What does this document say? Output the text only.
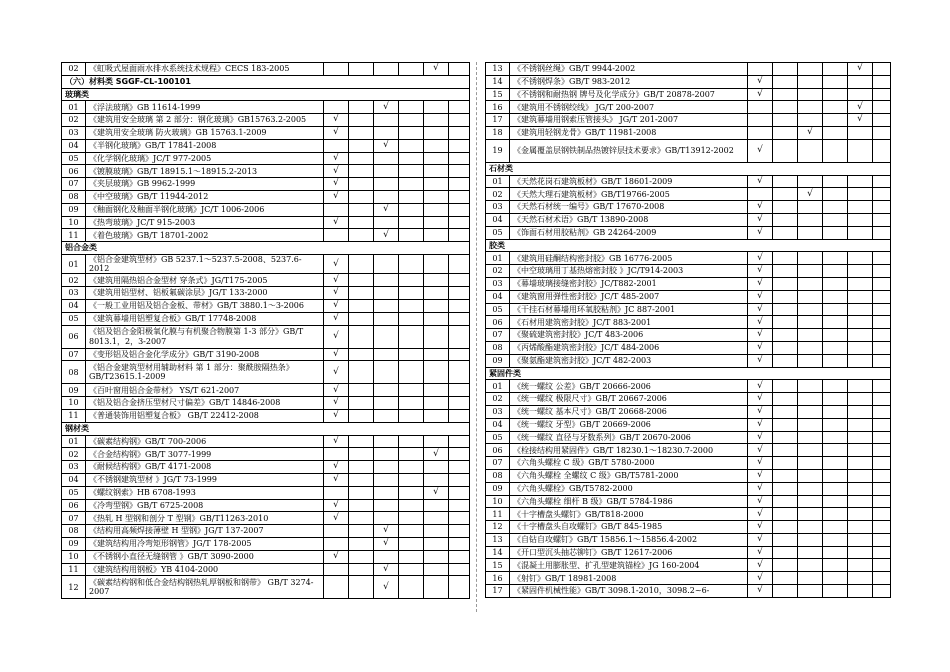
02	《虹吸式屋面雨水排水系统技术规程》CECS 183-2005					√	
（六）材料类 SGGF-CL-100101							
玻璃类							
01	《浮法玻璃》GB 11614-1999			√			
02	《建筑用安全玻璃 第 2 部分：钢化玻璃》GB15763.2-2005	√					
03	《建筑用安全玻璃 防火玻璃》GB 15763.1-2009	√					
04	《半钢化玻璃》GB/T 17841-2008			√			
05	《化学钢化玻璃》JC/T 977-2005	√					
06	《镀膜玻璃》GB/T 18915.1～18915.2-2013	√					
07	《夹层玻璃》GB 9962-1999	√					
08	《中空玻璃》GB/T 11944-2012	√					
09	《釉面钢化及釉面半钢化玻璃》JC/T 1006-2006			√			
10	《热弯玻璃》JC/T 915-2003	√					
11	《着色玻璃》GB/T 18701-2002			√			
铝合金类							
01	《铝合金建筑型材》GB 5237.1～5237.5-2008、5237.6-2012	√					
02	《建筑用隔热铝合金型材 穿条式》JG/T175-2005	√					
03	《建筑用铝型材、铝板氟碳涂层》JG/T 133-2000	√					
04	《一般工业用铝及铝合金板、带材》GB/T 3880.1～3-2006	√					
05	《建筑幕墙用铝塑复合板》GB/T 17748-2008	√					
06	《铝及铝合金阳极氧化膜与有机聚合物膜第 1-3 部分》GB/T 8013.1，2，3-2007	√					
07	《变形铝及铝合金化学成分》GB/T 3190-2008	√					
08	《铝合金建筑型材用辅助材料 第 1 部分：聚酰胺隔热条》GB/T23615.1-2009	√					
09	《百叶窗用铝合金带材》 YS/T 621-2007	√					
10	《铝及铝合金挤压型材尺寸偏差》GB/T 14846-2008	√					
11	《普通装饰用铝塑复合板》 GB/T 22412-2008	√					
钢材类							
01	《碳素结构钢》GB/T 700-2006	√					
02	《合金结构钢》GB/T 3077-1999					√	
03	《耐候结构钢》GB/T 4171-2008	√					
04	《不锈钢建筑型材 》JG/T 73-1999	√					
05	《螺纹钢索》HB 6708-1993					√	
06	《冷弯型钢》GB/T 6725-2008	√					
07	《热轧 H 型钢和剖分 T 型钢》GB/T11263-2010	√					
08	《结构用高频焊接薄壁 H 型钢》JG/T 137-2007			√			
09	《建筑结构用冷弯矩形钢管》JG/T 178-2005			√			
10	《不锈钢小直径无缝钢管 》GB/T 3090-2000	√					
11	《建筑结构用钢板》YB 4104-2000			√			
12	《碳素结构钢和低合金结构钢热轧厚钢板和钢带》 GB/T 3274-2007			√			
13	《不锈钢丝绳》GB/T 9944-2002					√	
14	《不锈钢焊条》GB/T 983-2012	√					
15	《不锈钢和耐热钢 牌号及化学成分》GB/T 20878-2007	√					
16	《建筑用不锈钢绞线》 JG/T 200-2007					√	
17	《建筑幕墙用钢索压管接头》 JG/T 201-2007					√	
18	《建筑用轻钢龙骨》GB/T 11981-2008			√			
19	《金属覆盖层钢铁制品热镀锌层技术要求》GB/T13912-2002	√					
石材类							
01	《天然花岗石建筑板材》GB/T 18601-2009	√					
02	《天然大理石建筑板材》GB/T19766-2005			√			
03	《天然石材统一编号》GB/T 17670-2008	√					
04	《天然石材术语》GB/T 13890-2008	√					
05	《饰面石材用胶粘剂》GB 24264-2009	√					
胶类							
01	《建筑用硅酮结构密封胶》GB 16776-2005	√					
02	《中空玻璃用丁基热熔密封胶 》JC/T914-2003	√					
03	《幕墙玻璃接缝密封胶》JC/T882-2001	√					
04	《建筑窗用弹性密封胶》JC/T 485-2007	√					
05	《干挂石材幕墙用环氧胶粘剂》JC 887-2001	√					
06	《石材用建筑密封胶》JC/T 883-2001	√					
07	《聚硫建筑密封胶》JC/T 483-2006	√					
08	《丙烯酸酯建筑密封胶》JC/T 484-2006	√					
09	《聚氨酯建筑密封胶》JC/T 482-2003	√					
紧固件类							
01	《统一螺纹 公差》GB/T 20666-2006	√					
02	《统一螺纹 极限尺寸》GB/T 20667-2006	√					
03	《统一螺纹 基本尺寸》GB/T 20668-2006	√					
04	《统一螺纹 牙型》GB/T 20669-2006	√					
05	《统一螺纹 直径与牙数系列》GB/T 20670-2006	√					
06	《栓接结构用紧固件》GB/T 18230.1～18230.7-2000	√					
07	《六角头螺栓 C 级》GB/T 5780-2000	√					
08	《六角头螺栓 全螺纹 C 级》GB/T5781-2000	√					
09	《六角头螺栓》GB/T5782-2000	√					
10	《六角头螺栓 细杆 B 级》GB/T 5784-1986	√					
11	《十字槽盘头螺钉》GB/T818-2000	√					
12	《十字槽盘头自攻螺钉》GB/T 845-1985	√					
13	《自钻自攻螺钉》GB/T 15856.1～15856.4-2002	√					
14	《开口型沉头抽芯铆钉》GB/T 12617-2006	√					
15	《混凝土用膨胀型、扩孔型建筑锚栓》JG 160-2004	√					
16	《射钉》GB/T 18981-2008	√					
17	《紧固件机械性能》GB/T 3098.1-2010，3098.2~6-	√					
